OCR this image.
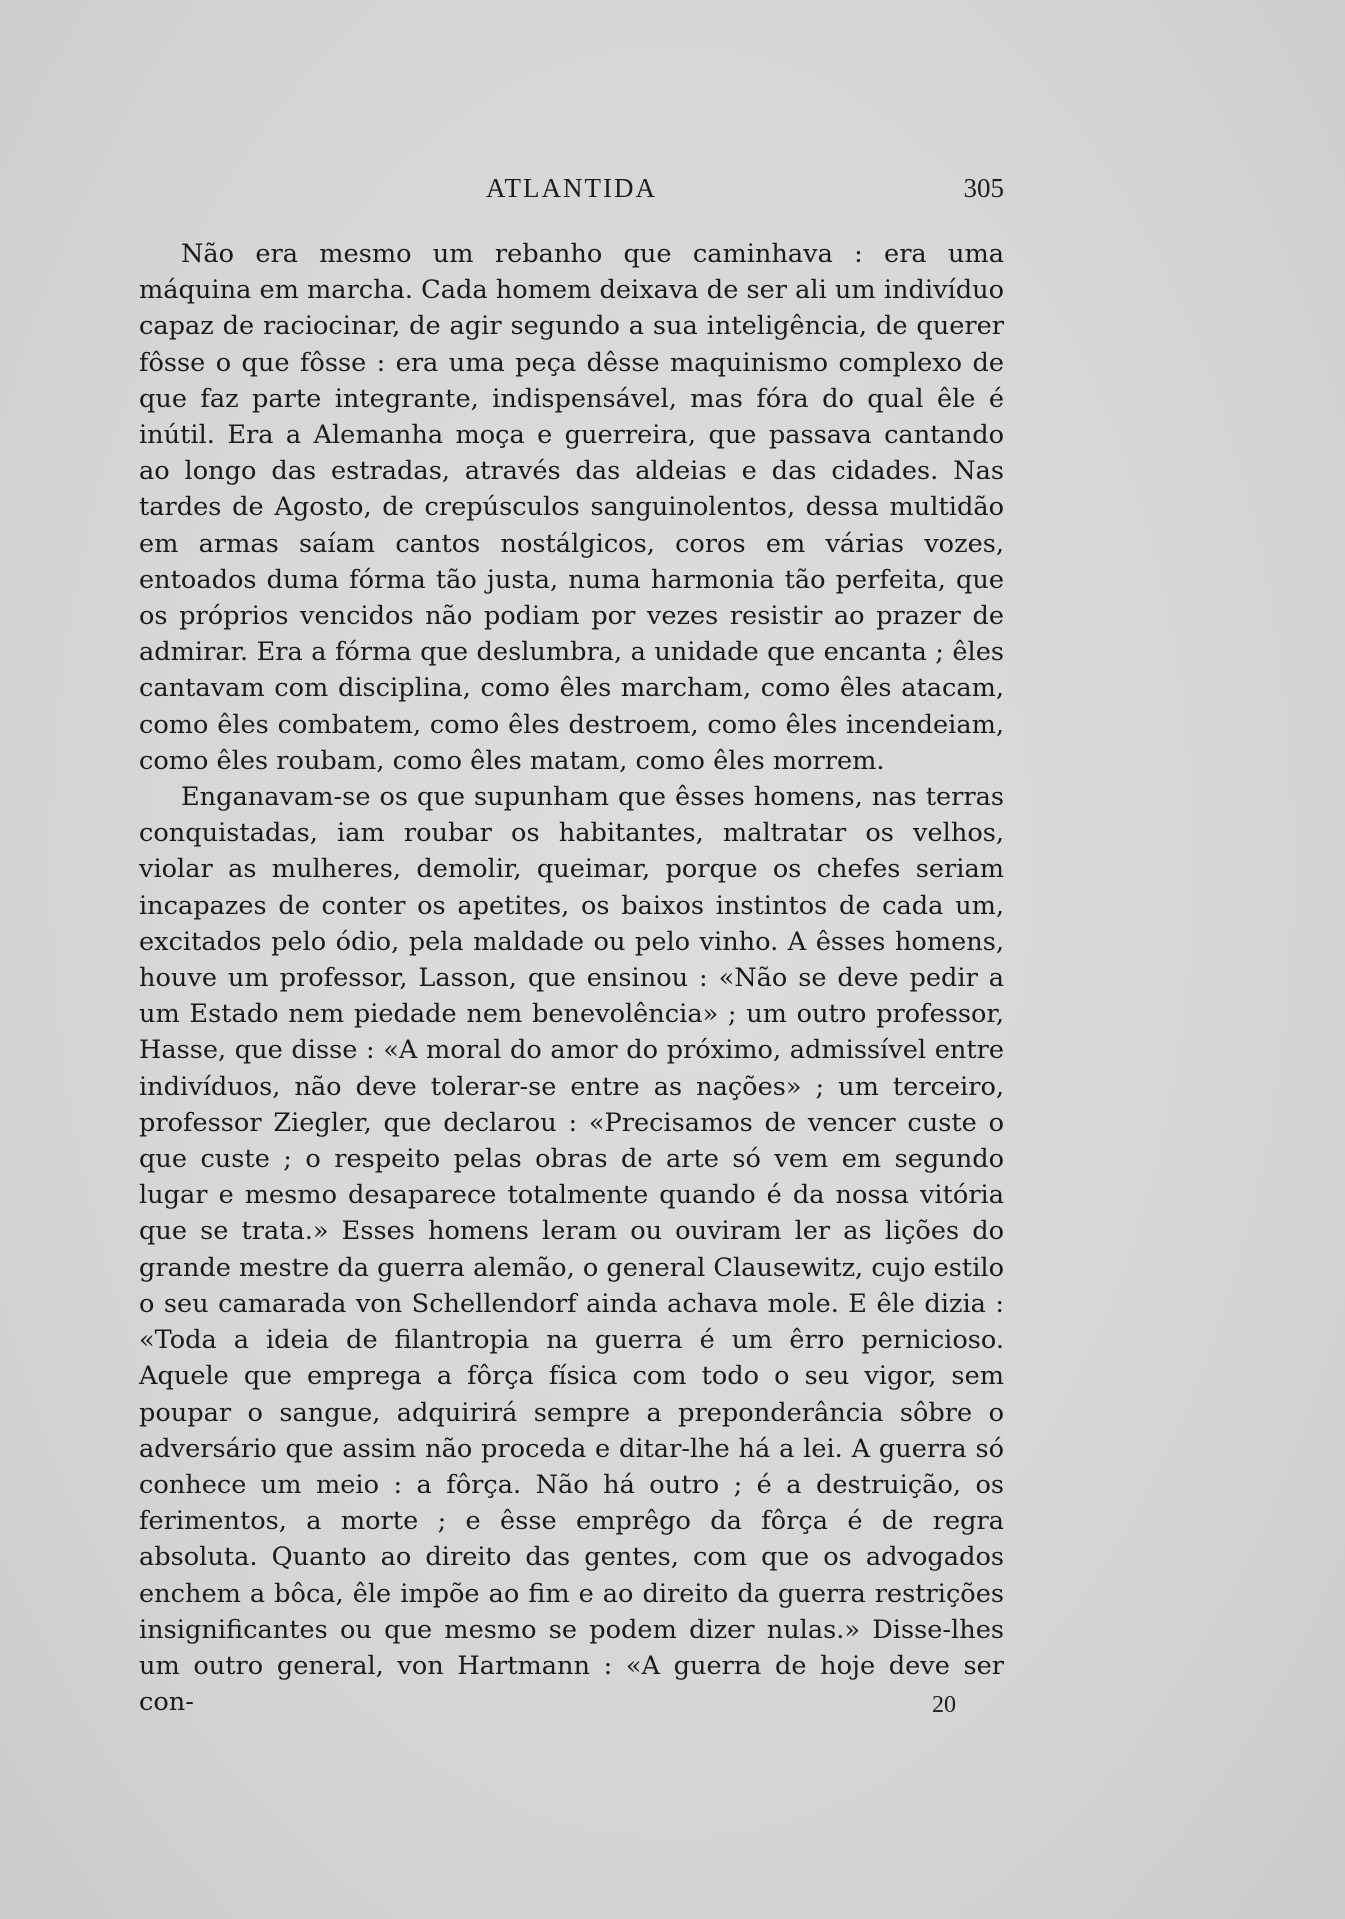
ATLANTIDA	305

Não era mesmo um rebanho que caminhava : era uma máquina em marcha. Cada homem deixava de ser ali um indivíduo capaz de raciocinar, de agir segundo a sua inteligência, de querer fôsse o que fôsse : era uma peça dêsse maquinismo complexo de que faz parte integrante, indispensável, mas fóra do qual êle é inútil. Era a Alemanha moça e guerreira, que passava cantando ao longo das estradas, através das aldeias e das cidades. Nas tardes de Agosto, de crepúsculos sanguinolentos, dessa multidão em armas saíam cantos nostálgicos, coros em várias vozes, entoados duma fórma tão justa, numa harmonia tão perfeita, que os próprios vencidos não podiam por vezes resistir ao prazer de admirar. Era a fórma que deslumbra, a unidade que encanta ; êles cantavam com disciplina, como êles marcham, como êles atacam, como êles combatem, como êles destroem, como êles incendeiam, como êles roubam, como êles matam, como êles morrem.

Enganavam-se os que supunham que êsses homens, nas terras conquistadas, iam roubar os habitantes, maltratar os velhos, violar as mulheres, demolir, queimar, porque os chefes seriam incapazes de conter os apetites, os baixos instintos de cada um, excitados pelo ódio, pela maldade ou pelo vinho. A êsses homens, houve um professor, Lasson, que ensinou : «Não se deve pedir a um Estado nem piedade nem benevolência» ; um outro professor, Hasse, que disse : «A moral do amor do próximo, admissível entre indivíduos, não deve tolerar-se entre as nações» ; um terceiro, professor Ziegler, que declarou : «Precisamos de vencer custe o que custe ; o respeito pelas obras de arte só vem em segundo lugar e mesmo desaparece totalmente quando é da nossa vitória que se trata.» Esses homens leram ou ouviram ler as lições do grande mestre da guerra alemão, o general Clausewitz, cujo estilo o seu camarada von Schellendorf ainda achava mole. E êle dizia : «Toda a ideia de filantropia na guerra é um êrro pernicioso. Aquele que emprega a fôrça física com todo o seu vigor, sem poupar o sangue, adquirirá sempre a preponderância sôbre o adversário que assim não proceda e ditar-lhe há a lei. A guerra só conhece um meio : a fôrça. Não há outro ; é a destruição, os ferimentos, a morte ; e êsse emprêgo da fôrça é de regra absoluta. Quanto ao direito das gentes, com que os advogados enchem a bôca, êle impõe ao fim e ao direito da guerra restrições insignificantes ou que mesmo se podem dizer nulas.» Disse-lhes um outro general, von Hartmann : «A guerra de hoje deve ser con-	20
